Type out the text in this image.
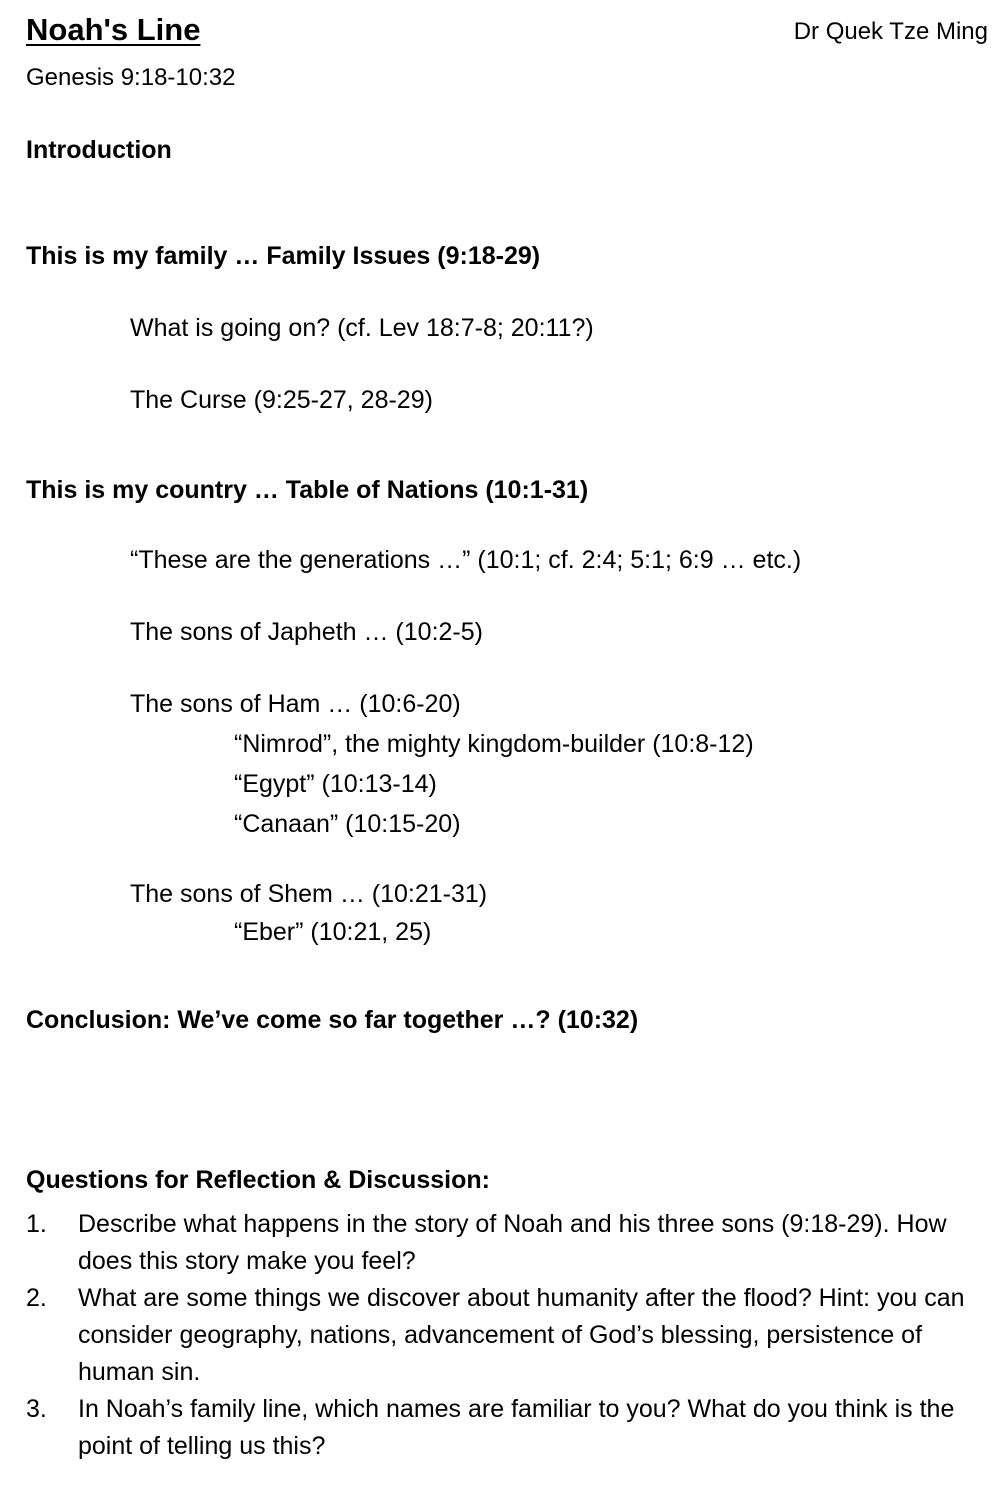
Noah's Line	Dr Quek Tze Ming
Genesis 9:18-10:32
Introduction
This is my family … Family Issues (9:18-29)
What is going on? (cf. Lev 18:7-8; 20:11?)
The Curse (9:25-27, 28-29)
This is my country … Table of Nations (10:1-31)
“These are the generations …” (10:1; cf. 2:4; 5:1; 6:9 … etc.)
The sons of Japheth … (10:2-5)
The sons of Ham … (10:6-20)
“Nimrod”, the mighty kingdom-builder (10:8-12)
“Egypt” (10:13-14)
“Canaan” (10:15-20)
The sons of Shem … (10:21-31)
“Eber” (10:21, 25)
Conclusion: We’ve come so far together …? (10:32)
Questions for Reflection & Discussion:
1. Describe what happens in the story of Noah and his three sons (9:18-29). How does this story make you feel?
2. What are some things we discover about humanity after the flood? Hint: you can consider geography, nations, advancement of God’s blessing, persistence of human sin.
3. In Noah’s family line, which names are familiar to you? What do you think is the point of telling us this?
